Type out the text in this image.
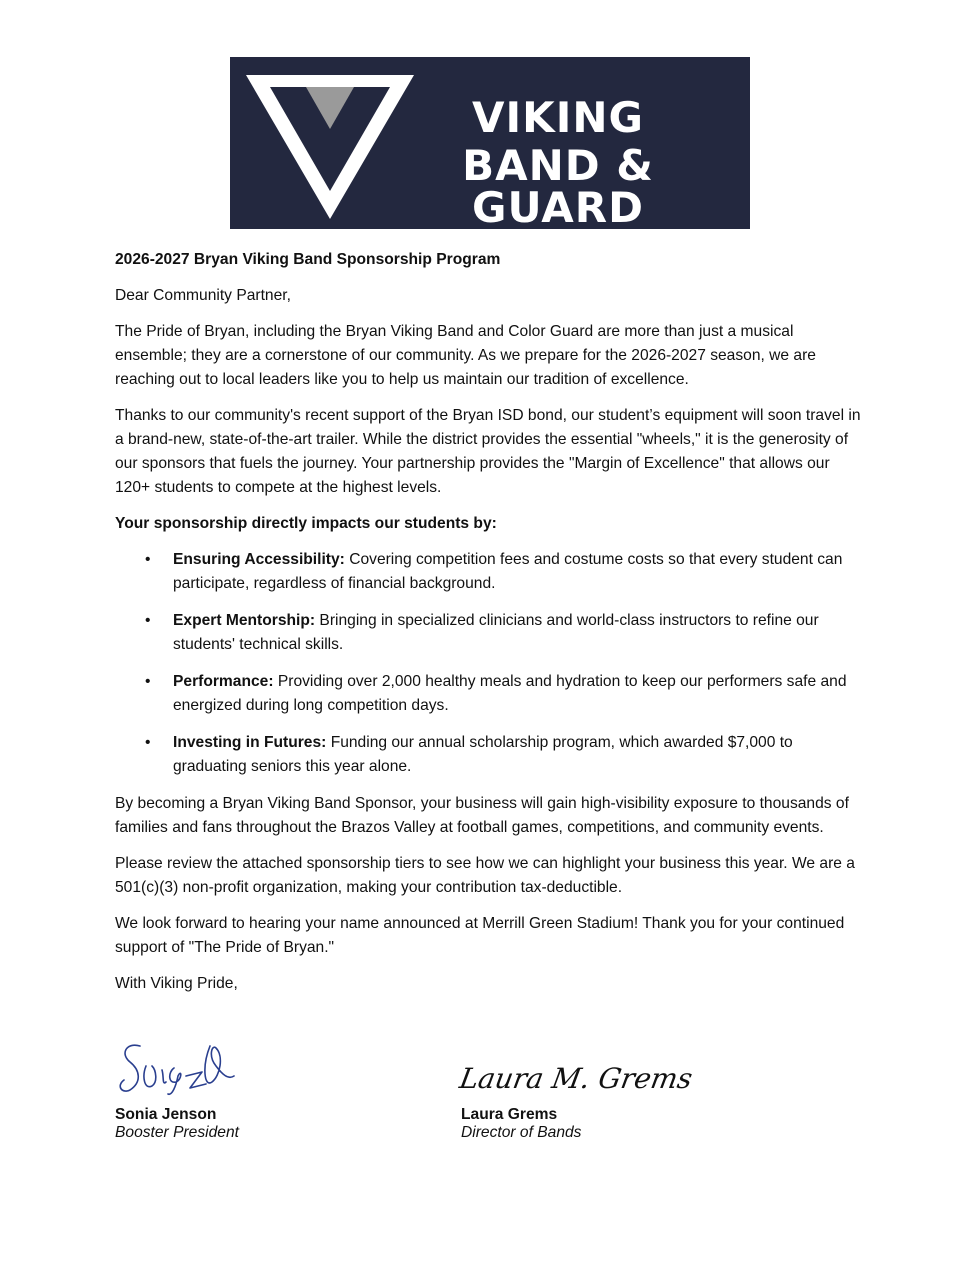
VIKING
BAND & GUARD
2026-2027 Bryan Viking Band Sponsorship Program

Dear Community Partner,

The Pride of Bryan, including the Bryan Viking Band and Color Guard are more than just a musical ensemble; they are a cornerstone of our community. As we prepare for the 2026-2027 season, we are reaching out to local leaders like you to help us maintain our tradition of excellence.

Thanks to our community's recent support of the Bryan ISD bond, our student’s equipment will soon travel in a brand-new, state-of-the-art trailer. While the district provides the essential "wheels," it is the generosity of our sponsors that fuels the journey. Your partnership provides the "Margin of Excellence" that allows our 120+ students to compete at the highest levels.

Your sponsorship directly impacts our students by:
• Ensuring Accessibility: Covering competition fees and costume costs so that every student can participate, regardless of financial background.
• Expert Mentorship: Bringing in specialized clinicians and world-class instructors to refine our students' technical skills.
• Performance: Providing over 2,000 healthy meals and hydration to keep our performers safe and energized during long competition days.
• Investing in Futures: Funding our annual scholarship program, which awarded $7,000 to graduating seniors this year alone.

By becoming a Bryan Viking Band Sponsor, your business will gain high-visibility exposure to thousands of families and fans throughout the Brazos Valley at football games, competitions, and community events.

Please review the attached sponsorship tiers to see how we can highlight your business this year. We are a 501(c)(3) non-profit organization, making your contribution tax-deductible.

We look forward to hearing your name announced at Merrill Green Stadium! Thank you for your continued support of "The Pride of Bryan."

With Viking Pride,

Sonia Jenson
Booster President
Laura M. Grems
Laura Grems
Director of Bands
